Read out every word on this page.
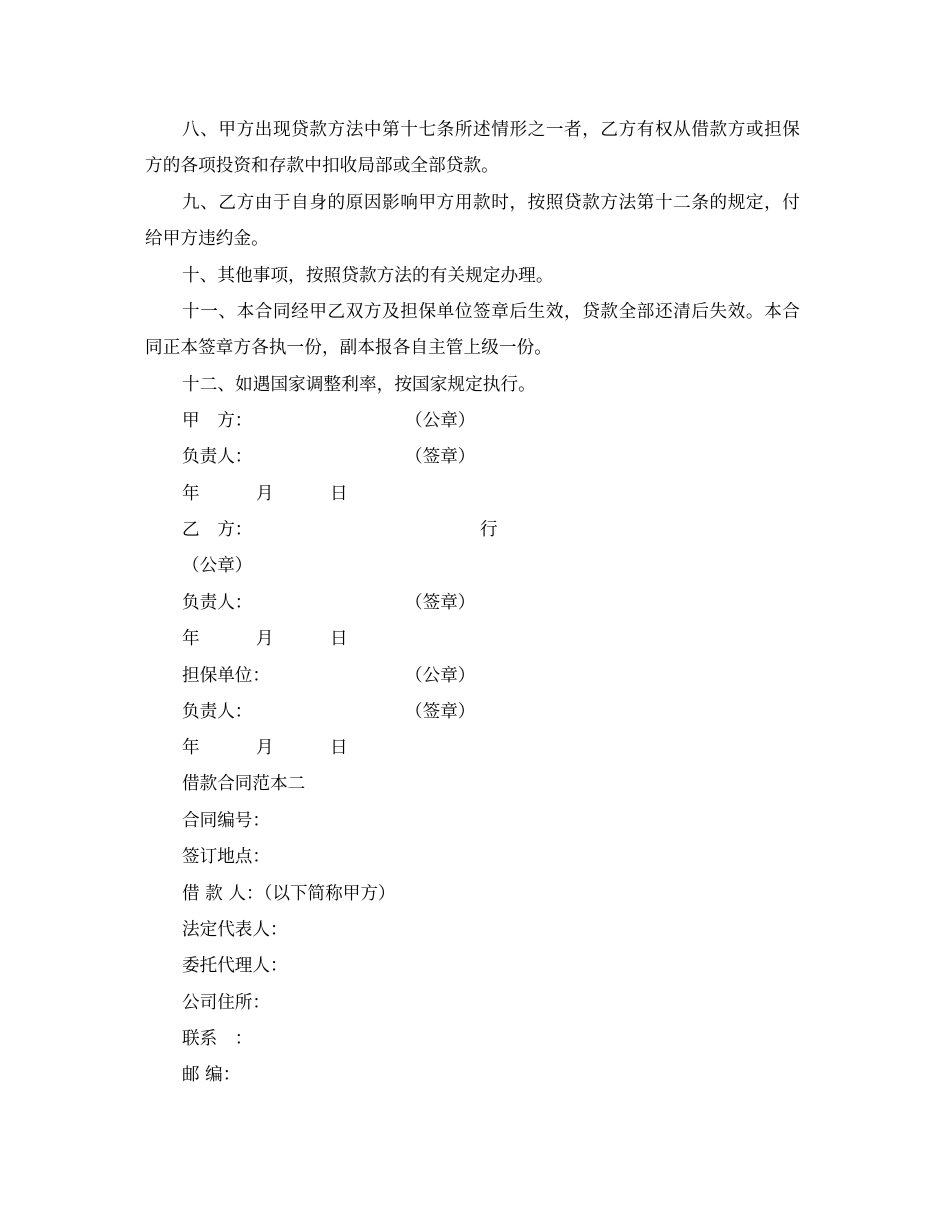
八、甲方出现贷款方法中第十七条所述情形之一者，乙方有权从借款方或担保方的各项投资和存款中扣收局部或全部贷款。
九、乙方由于自身的原因影响甲方用款时，按照贷款方法第十二条的规定，付给甲方违约金。
十、其他事项，按照贷款方法的有关规定办理。
十一、本合同经甲乙双方及担保单位签章后生效，贷款全部还清后失效。本合同正本签章方各执一份，副本报各自主管上级一份。
十二、如遇国家调整利率，按国家规定执行。
甲　方：	（公章）
负责人：	（签章）
年	月	日
乙　方：	行
（公章）
负责人：	（签章）
年	月	日
担保单位：	（公章）
负责人：	（签章）
年	月	日
借款合同范本二
合同编号：
签订地点：
借 款 人：（以下简称甲方）
法定代表人：
委托代理人：
公司住所：
联系　：
邮 编：
